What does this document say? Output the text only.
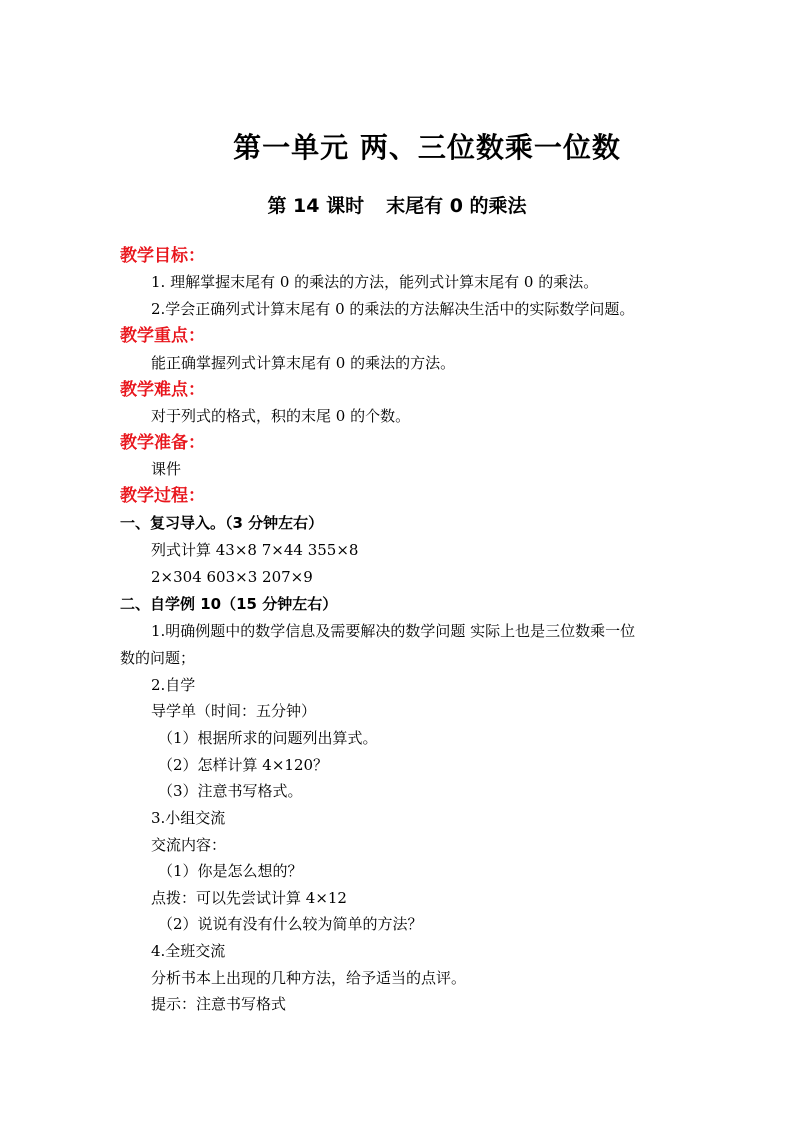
第一单元 两、三位数乘一位数
第 14 课时 末尾有 0 的乘法
教学目标：
1. 理解掌握末尾有 0 的乘法的方法，能列式计算末尾有 0 的乘法。
2.学会正确列式计算末尾有 0 的乘法的方法解决生活中的实际数学问题。
教学重点：
能正确掌握列式计算末尾有 0 的乘法的方法。
教学难点：
对于列式的格式，积的末尾 0 的个数。
教学准备：
课件
教学过程：
一、复习导入。（3 分钟左右）
列式计算 43×8 7×44 355×8
2×304 603×3 207×9
二、自学例 10（15 分钟左右）
1.明确例题中的数学信息及需要解决的数学问题 实际上也是三位数乘一位
数的问题；
2.自学
导学单（时间：五分钟）
（1）根据所求的问题列出算式。
（2）怎样计算 4×120？
（3）注意书写格式。
3.小组交流
交流内容：
（1）你是怎么想的？
点拨：可以先尝试计算 4×12
（2）说说有没有什么较为简单的方法？
4.全班交流
分析书本上出现的几种方法，给予适当的点评。
提示：注意书写格式
